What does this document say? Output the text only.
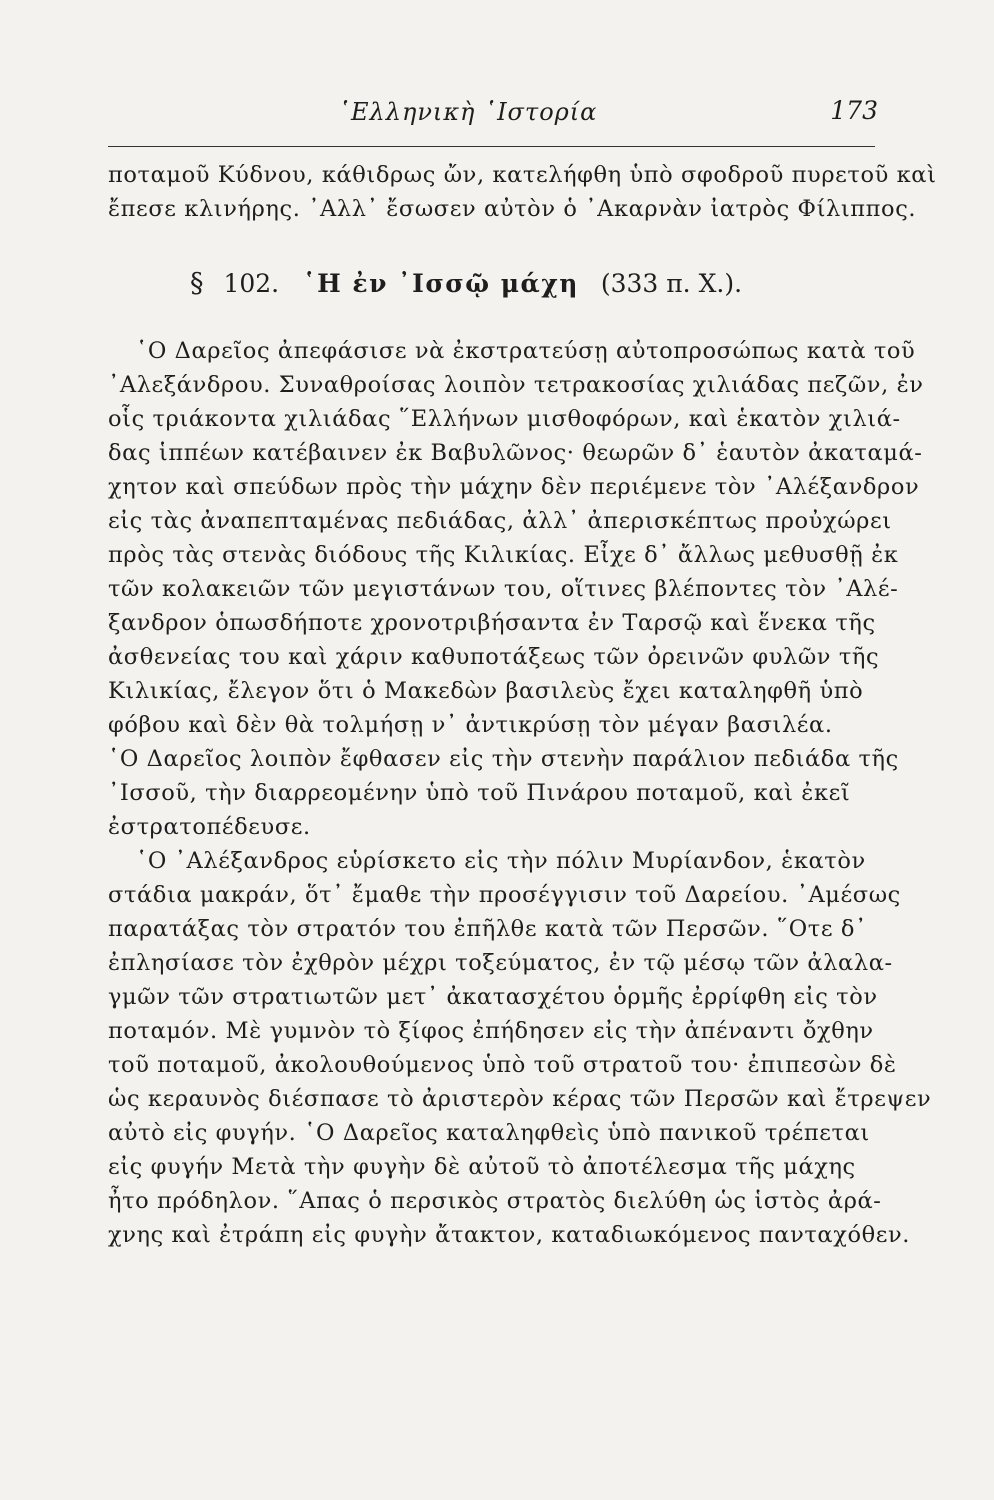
῾Ελληνικὴ ῾Ιστορία	173
ποταμοῦ Κύδνου, κάθιδρως ὤν, κατελήφθη ὑπὸ σφοδροῦ πυρετοῦ καὶ
ἔπεσε κλινήρης. ᾿Αλλ᾿ ἔσωσεν αὐτὸν ὁ ᾿Ακαρνὰν ἰατρὸς Φίλιππος.
§ 102. ῾Η ἐν ᾿Ισσῷ μάχη (333 π. Χ.).
῾Ο Δαρεῖος ἀπεφάσισε νὰ ἐκστρατεύσῃ αὐτοπροσώπως κατὰ τοῦ
᾿Αλεξάνδρου. Συναθροίσας λοιπὸν τετρακοσίας χιλιάδας πεζῶν, ἐν
οἷς τριάκοντα χιλιάδας ῞Ελλήνων μισθοφόρων, καὶ ἑκατὸν χιλιά-
δας ἱππέων κατέβαινεν ἐκ Βαβυλῶνος· θεωρῶν δ᾿ ἑαυτὸν ἀκαταμά-
χητον καὶ σπεύδων πρὸς τὴν μάχην δὲν περιέμενε τὸν ᾿Αλέξανδρον
εἰς τὰς ἀναπεπταμένας πεδιάδας, ἀλλ᾿ ἀπερισκέπτως προὐχώρει
πρὸς τὰς στενὰς διόδους τῆς Κιλικίας. Εἶχε δ᾿ ἄλλως μεθυσθῇ ἐκ
τῶν κολακειῶν τῶν μεγιστάνων του, οἵτινες βλέποντες τὸν ᾿Αλέ-
ξανδρον ὁπωσδήποτε χρονοτριβήσαντα ἐν Ταρσῷ καὶ ἕνεκα τῆς
ἀσθενείας του καὶ χάριν καθυποτάξεως τῶν ὀρεινῶν φυλῶν τῆς
Κιλικίας, ἔλεγον ὅτι ὁ Μακεδὼν βασιλεὺς ἔχει καταληφθῆ ὑπὸ
φόβου καὶ δὲν θὰ τολμήσῃ ν᾿ ἀντικρύσῃ τὸν μέγαν βασιλέα.
῾Ο Δαρεῖος λοιπὸν ἔφθασεν εἰς τὴν στενὴν παράλιον πεδιάδα τῆς
᾿Ισσοῦ, τὴν διαρρεομένην ὑπὸ τοῦ Πινάρου ποταμοῦ, καὶ ἐκεῖ
ἐστρατοπέδευσε.
῾Ο ᾿Αλέξανδρος εὑρίσκετο εἰς τὴν πόλιν Μυρίανδον, ἑκατὸν
στάδια μακράν, ὅτ᾿ ἔμαθε τὴν προσέγγισιν τοῦ Δαρείου. ᾿Αμέσως
παρατάξας τὸν στρατόν του ἐπῆλθε κατὰ τῶν Περσῶν. ῞Οτε δ᾿
ἐπλησίασε τὸν ἐχθρὸν μέχρι τοξεύματος, ἐν τῷ μέσῳ τῶν ἀλαλα-
γμῶν τῶν στρατιωτῶν μετ᾿ ἀκατασχέτου ὁρμῆς ἐρρίφθη εἰς τὸν
ποταμόν. Μὲ γυμνὸν τὸ ξίφος ἐπήδησεν εἰς τὴν ἀπέναντι ὄχθην
τοῦ ποταμοῦ, ἀκολουθούμενος ὑπὸ τοῦ στρατοῦ του· ἐπιπεσὼν δὲ
ὡς κεραυνὸς διέσπασε τὸ ἀριστερὸν κέρας τῶν Περσῶν καὶ ἔτρεψεν
αὐτὸ εἰς φυγήν. ῾Ο Δαρεῖος καταληφθεὶς ὑπὸ πανικοῦ τρέπεται
εἰς φυγήν Μετὰ τὴν φυγὴν δὲ αὐτοῦ τὸ ἀποτέλεσμα τῆς μάχης
ἦτο πρόδηλον. ῞Απας ὁ περσικὸς στρατὸς διελύθη ὡς ἱστὸς ἀρά-
χνης καὶ ἐτράπη εἰς φυγὴν ἄτακτον, καταδιωκόμενος πανταχόθεν.
